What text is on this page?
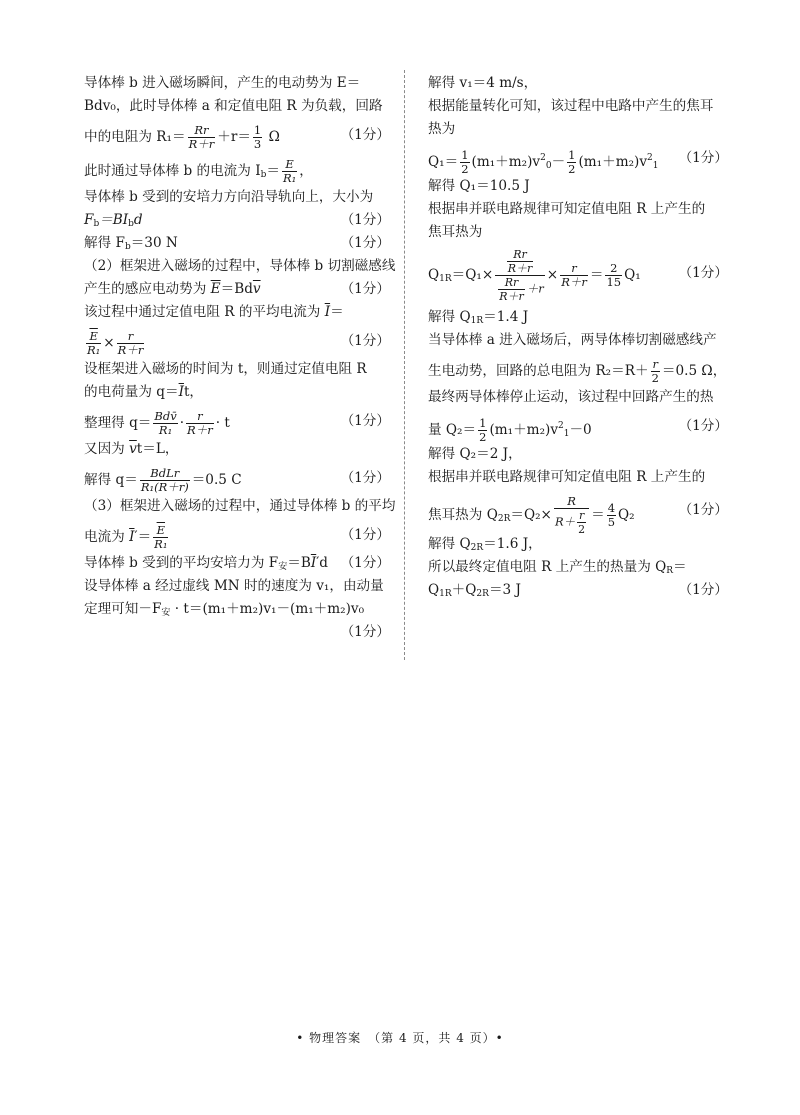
导体棒 b 进入磁场瞬间，产生的电动势为 E＝
Bdv₀，此时导体棒 a 和定值电阻 R 为负载，回路
中的电阻为 $R_1= \frac{Rr}{R+r} +r= \frac{1}{3}$ Ω	（1分）
此时通过导体棒 b 的电流为 $I_b= \frac{E}{\text{R₁}}$ ，
导体棒 b 受到的安培力方向沿导轨向上，大小为
$F_b=BI_bd$	（1分）
解得 $F_b=30$ N	（1分）
（2）框架进入磁场的过程中，导体棒 b 切割磁感线
产生的感应电动势为 $\overline{E}=Bd\overline{v}$	（1分）
该过程中通过定值电阻 R 的平均电流为 $\overline{I}=$
$\frac{\overline{E}}{\text{R₁}} \times \frac{r}{R+r}$	（1分）
设框架进入磁场的时间为 t，则通过定值电阻 R
的电荷量为 $q=\overline{I}t$，
整理得 $q= \frac{\text{Bdv̄}}{\text{R₁}} \cdot \frac{r}{R+r} \cdot t$	（1分）
又因为 $\overline{v}t=L$，
解得 $q= \frac{\text{BdLr}}{\text{R₁(R＋r)}} =0.5$ C	（1分）
（3）框架进入磁场的过程中，通过导体棒 b 的平均
电流为 $\overline{I}'= \frac{\overline{E}}{\text{R₁}}$	（1分）
导体棒 b 受到的平均安培力为 $F_安=B\overline{I}'d$ （1分）
设导体棒 a 经过虚线 MN 时的速度为 v₁，由动量
定理可知$-F_安 \cdot t=(m_1+m_2)v_1-(m_1+m_2)v_0$
（1分）
解得 v₁＝4 m/s，
根据能量转化可知，该过程中电路中产生的焦耳
热为
$Q_1= \frac{1}{2} (m_1+m_2)v^2_0- \frac{1}{2} (m_1+m_2)v^2_1$ （1分）
解得 Q₁＝10.5 J
根据串并联电路规律可知定值电阻 R 上产生的
焦耳热为
$Q_{1R}=Q_1\times \frac{\frac{Rr}{R+r}}{\frac{Rr}{R+r} +r} \times \frac{r}{R+r} = \frac{2}{15} Q_1$	（1分）
解得 $Q_{1R}=1.4$ J
当导体棒 a 进入磁场后，两导体棒切割磁感线产
生电动势，回路的总电阻为 $R_2=R+ \frac{r}{2} =0.5$ Ω，
最终两导体棒停止运动，该过程中回路产生的热
量 $Q_2= \frac{1}{2} (m_1+m_2)v^2_1-0$	（1分）
解得 Q₂＝2 J，
根据串并联电路规律可知定值电阻 R 上产生的
焦耳热为 $Q_{2R}=Q_2\times \frac{R}{R+ \frac{r}{2}} = \frac{4}{5} Q_2$	（1分）
解得 $Q_{2R}=1.6$ J，
所以最终定值电阻 R 上产生的热量为 $Q_R=$
$Q_{1R}+Q_{2R}=3$ J	（1分）
• 物理答案　（第 4 页，共 4 页）•
